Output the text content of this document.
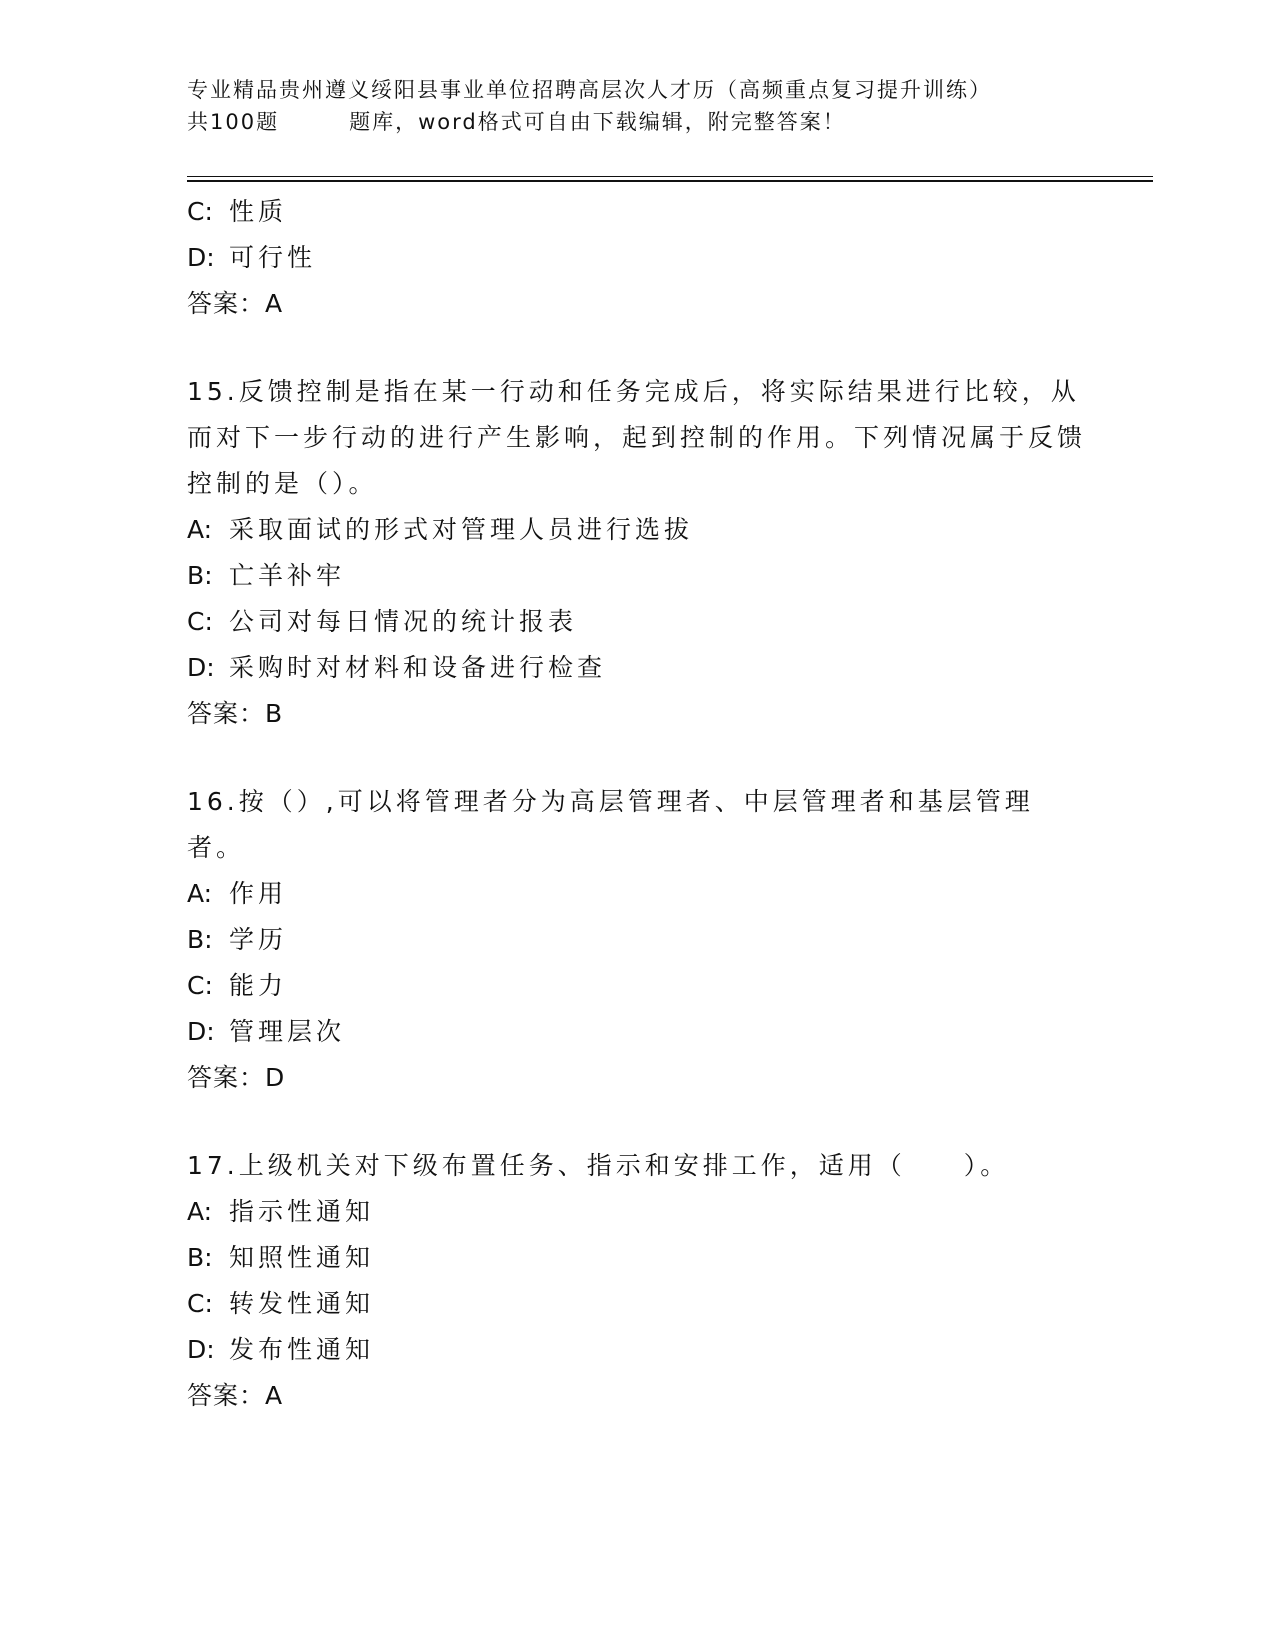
专业精品贵州遵义绥阳县事业单位招聘高层次人才历（高频重点复习提升训练）
共100题	题库，word格式可自由下载编辑，附完整答案！
C: 性质
D: 可行性
答案：A
15.反馈控制是指在某一行动和任务完成后，将实际结果进行比较，从而对下一步行动的进行产生影响，起到控制的作用。下列情况属于反馈控制的是（）。
A: 采取面试的形式对管理人员进行选拔
B: 亡羊补牢
C: 公司对每日情况的统计报表
D: 采购时对材料和设备进行检查
答案：B
16.按（）,可以将管理者分为高层管理者、中层管理者和基层管理者。
A: 作用
B: 学历
C: 能力
D: 管理层次
答案：D
17.上级机关对下级布置任务、指示和安排工作，适用（　　）。
A: 指示性通知
B: 知照性通知
C: 转发性通知
D: 发布性通知
答案：A
